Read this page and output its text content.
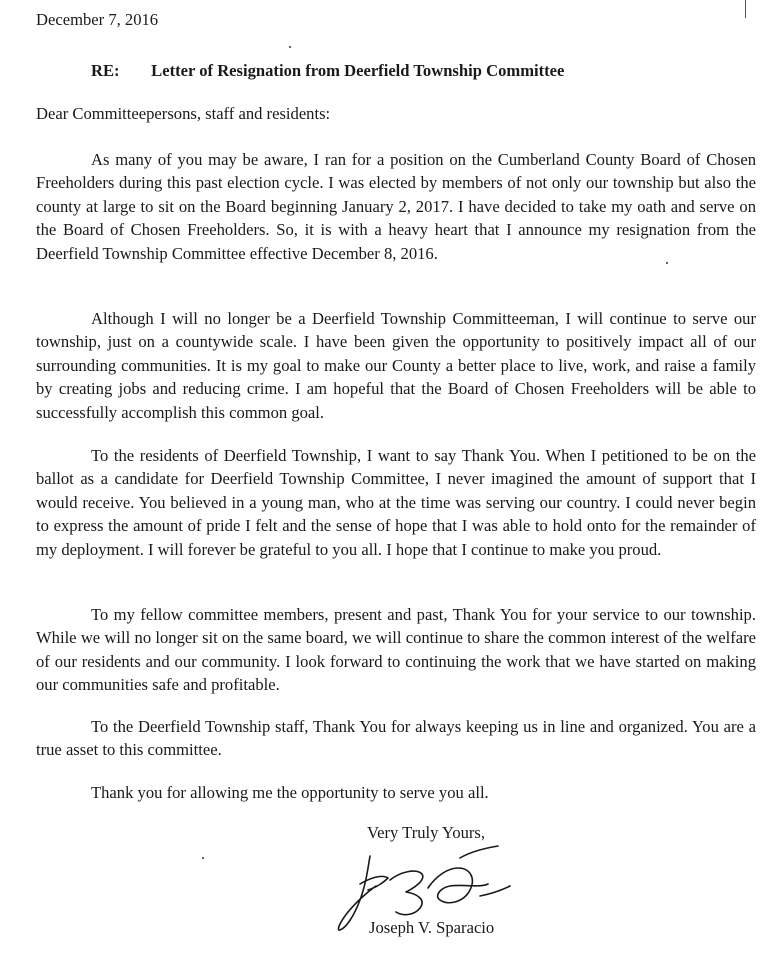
December 7, 2016
RE: Letter of Resignation from Deerfield Township Committee
Dear Committeepersons, staff and residents:

As many of you may be aware, I ran for a position on the Cumberland County Board of Chosen Freeholders during this past election cycle. I was elected by members of not only our township but also the county at large to sit on the Board beginning January 2, 2017. I have decided to take my oath and serve on the Board of Chosen Freeholders. So, it is with a heavy heart that I announce my resignation from the Deerfield Township Committee effective December 8, 2016.

Although I will no longer be a Deerfield Township Committeeman, I will continue to serve our township, just on a countywide scale. I have been given the opportunity to positively impact all of our surrounding communities. It is my goal to make our County a better place to live, work, and raise a family by creating jobs and reducing crime. I am hopeful that the Board of Chosen Freeholders will be able to successfully accomplish this common goal.

To the residents of Deerfield Township, I want to say Thank You. When I petitioned to be on the ballot as a candidate for Deerfield Township Committee, I never imagined the amount of support that I would receive. You believed in a young man, who at the time was serving our country. I could never begin to express the amount of pride I felt and the sense of hope that I was able to hold onto for the remainder of my deployment. I will forever be grateful to you all. I hope that I continue to make you proud.

To my fellow committee members, present and past, Thank You for your service to our township. While we will no longer sit on the same board, we will continue to share the common interest of the welfare of our residents and our community. I look forward to continuing the work that we have started on making our communities safe and profitable.

To the Deerfield Township staff, Thank You for always keeping us in line and organized. You are a true asset to this committee.

Thank you for allowing me the opportunity to serve you all.

Very Truly Yours,
Joseph V. Sparacio
